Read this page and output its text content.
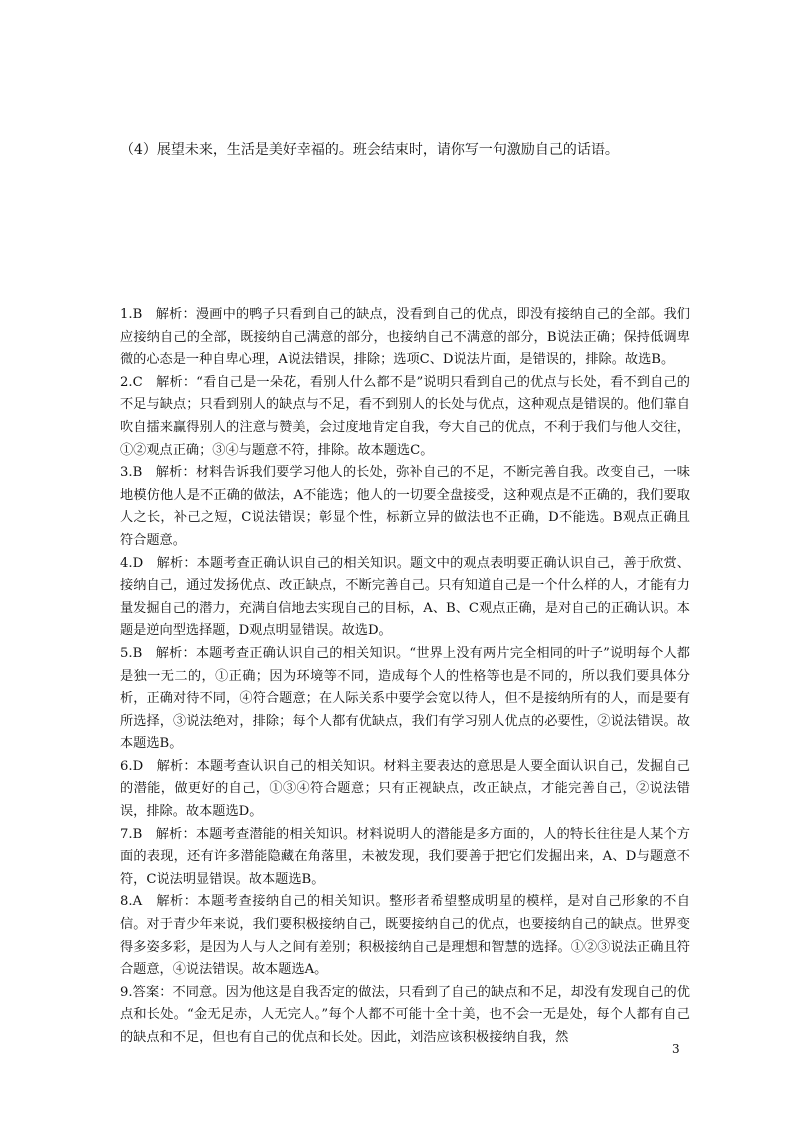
（4）展望未来，生活是美好幸福的。班会结束时，请你写一句激励自己的话语。

1.B　解析：漫画中的鸭子只看到自己的缺点，没看到自己的优点，即没有接纳自己的全部。我们应接纳自己的全部，既接纳自己满意的部分，也接纳自己不满意的部分，B说法正确；保持低调卑微的心态是一种自卑心理，A说法错误，排除；选项C、D说法片面，是错误的，排除。故选B。

2.C　解析：“看自己是一朵花，看别人什么都不是”说明只看到自己的优点与长处，看不到自己的不足与缺点；只看到别人的缺点与不足，看不到别人的长处与优点，这种观点是错误的。他们靠自吹自擂来赢得别人的注意与赞美，会过度地肯定自我，夸大自己的优点，不利于我们与他人交往，①②观点正确；③④与题意不符，排除。故本题选C。

3.B　解析：材料告诉我们要学习他人的长处，弥补自己的不足，不断完善自我。改变自己，一味地模仿他人是不正确的做法，A不能选；他人的一切要全盘接受，这种观点是不正确的，我们要取人之长，补己之短，C说法错误；彰显个性，标新立异的做法也不正确，D不能选。B观点正确且符合题意。

4.D　解析：本题考查正确认识自己的相关知识。题文中的观点表明要正确认识自己，善于欣赏、接纳自己，通过发扬优点、改正缺点，不断完善自己。只有知道自己是一个什么样的人，才能有力量发掘自己的潜力，充满自信地去实现自己的目标，A、B、C观点正确，是对自己的正确认识。本题是逆向型选择题，D观点明显错误。故选D。

5.B　解析：本题考查正确认识自己的相关知识。“世界上没有两片完全相同的叶子”说明每个人都是独一无二的，①正确；因为环境等不同，造成每个人的性格等也是不同的，所以我们要具体分析，正确对待不同，④符合题意；在人际关系中要学会宽以待人，但不是接纳所有的人，而是要有所选择，③说法绝对，排除；每个人都有优缺点，我们有学习别人优点的必要性，②说法错误。故本题选B。

6.D　解析：本题考查认识自己的相关知识。材料主要表达的意思是人要全面认识自己，发掘自己的潜能，做更好的自己，①③④符合题意；只有正视缺点，改正缺点，才能完善自己，②说法错误，排除。故本题选D。

7.B　解析：本题考查潜能的相关知识。材料说明人的潜能是多方面的，人的特长往往是人某个方面的表现，还有许多潜能隐藏在角落里，未被发现，我们要善于把它们发掘出来，A、D与题意不符，C说法明显错误。故本题选B。

8.A　解析：本题考查接纳自己的相关知识。整形者希望整成明星的模样，是对自己形象的不自信。对于青少年来说，我们要积极接纳自己，既要接纳自己的优点，也要接纳自己的缺点。世界变得多姿多彩，是因为人与人之间有差别；积极接纳自己是理想和智慧的选择。①②③说法正确且符合题意，④说法错误。故本题选A。

9.答案：不同意。因为他这是自我否定的做法，只看到了自己的缺点和不足，却没有发现自己的优点和长处。“金无足赤，人无完人。”每个人都不可能十全十美，也不会一无是处，每个人都有自己的缺点和不足，但也有自己的优点和长处。因此，刘浩应该积极接纳自我，然

3
